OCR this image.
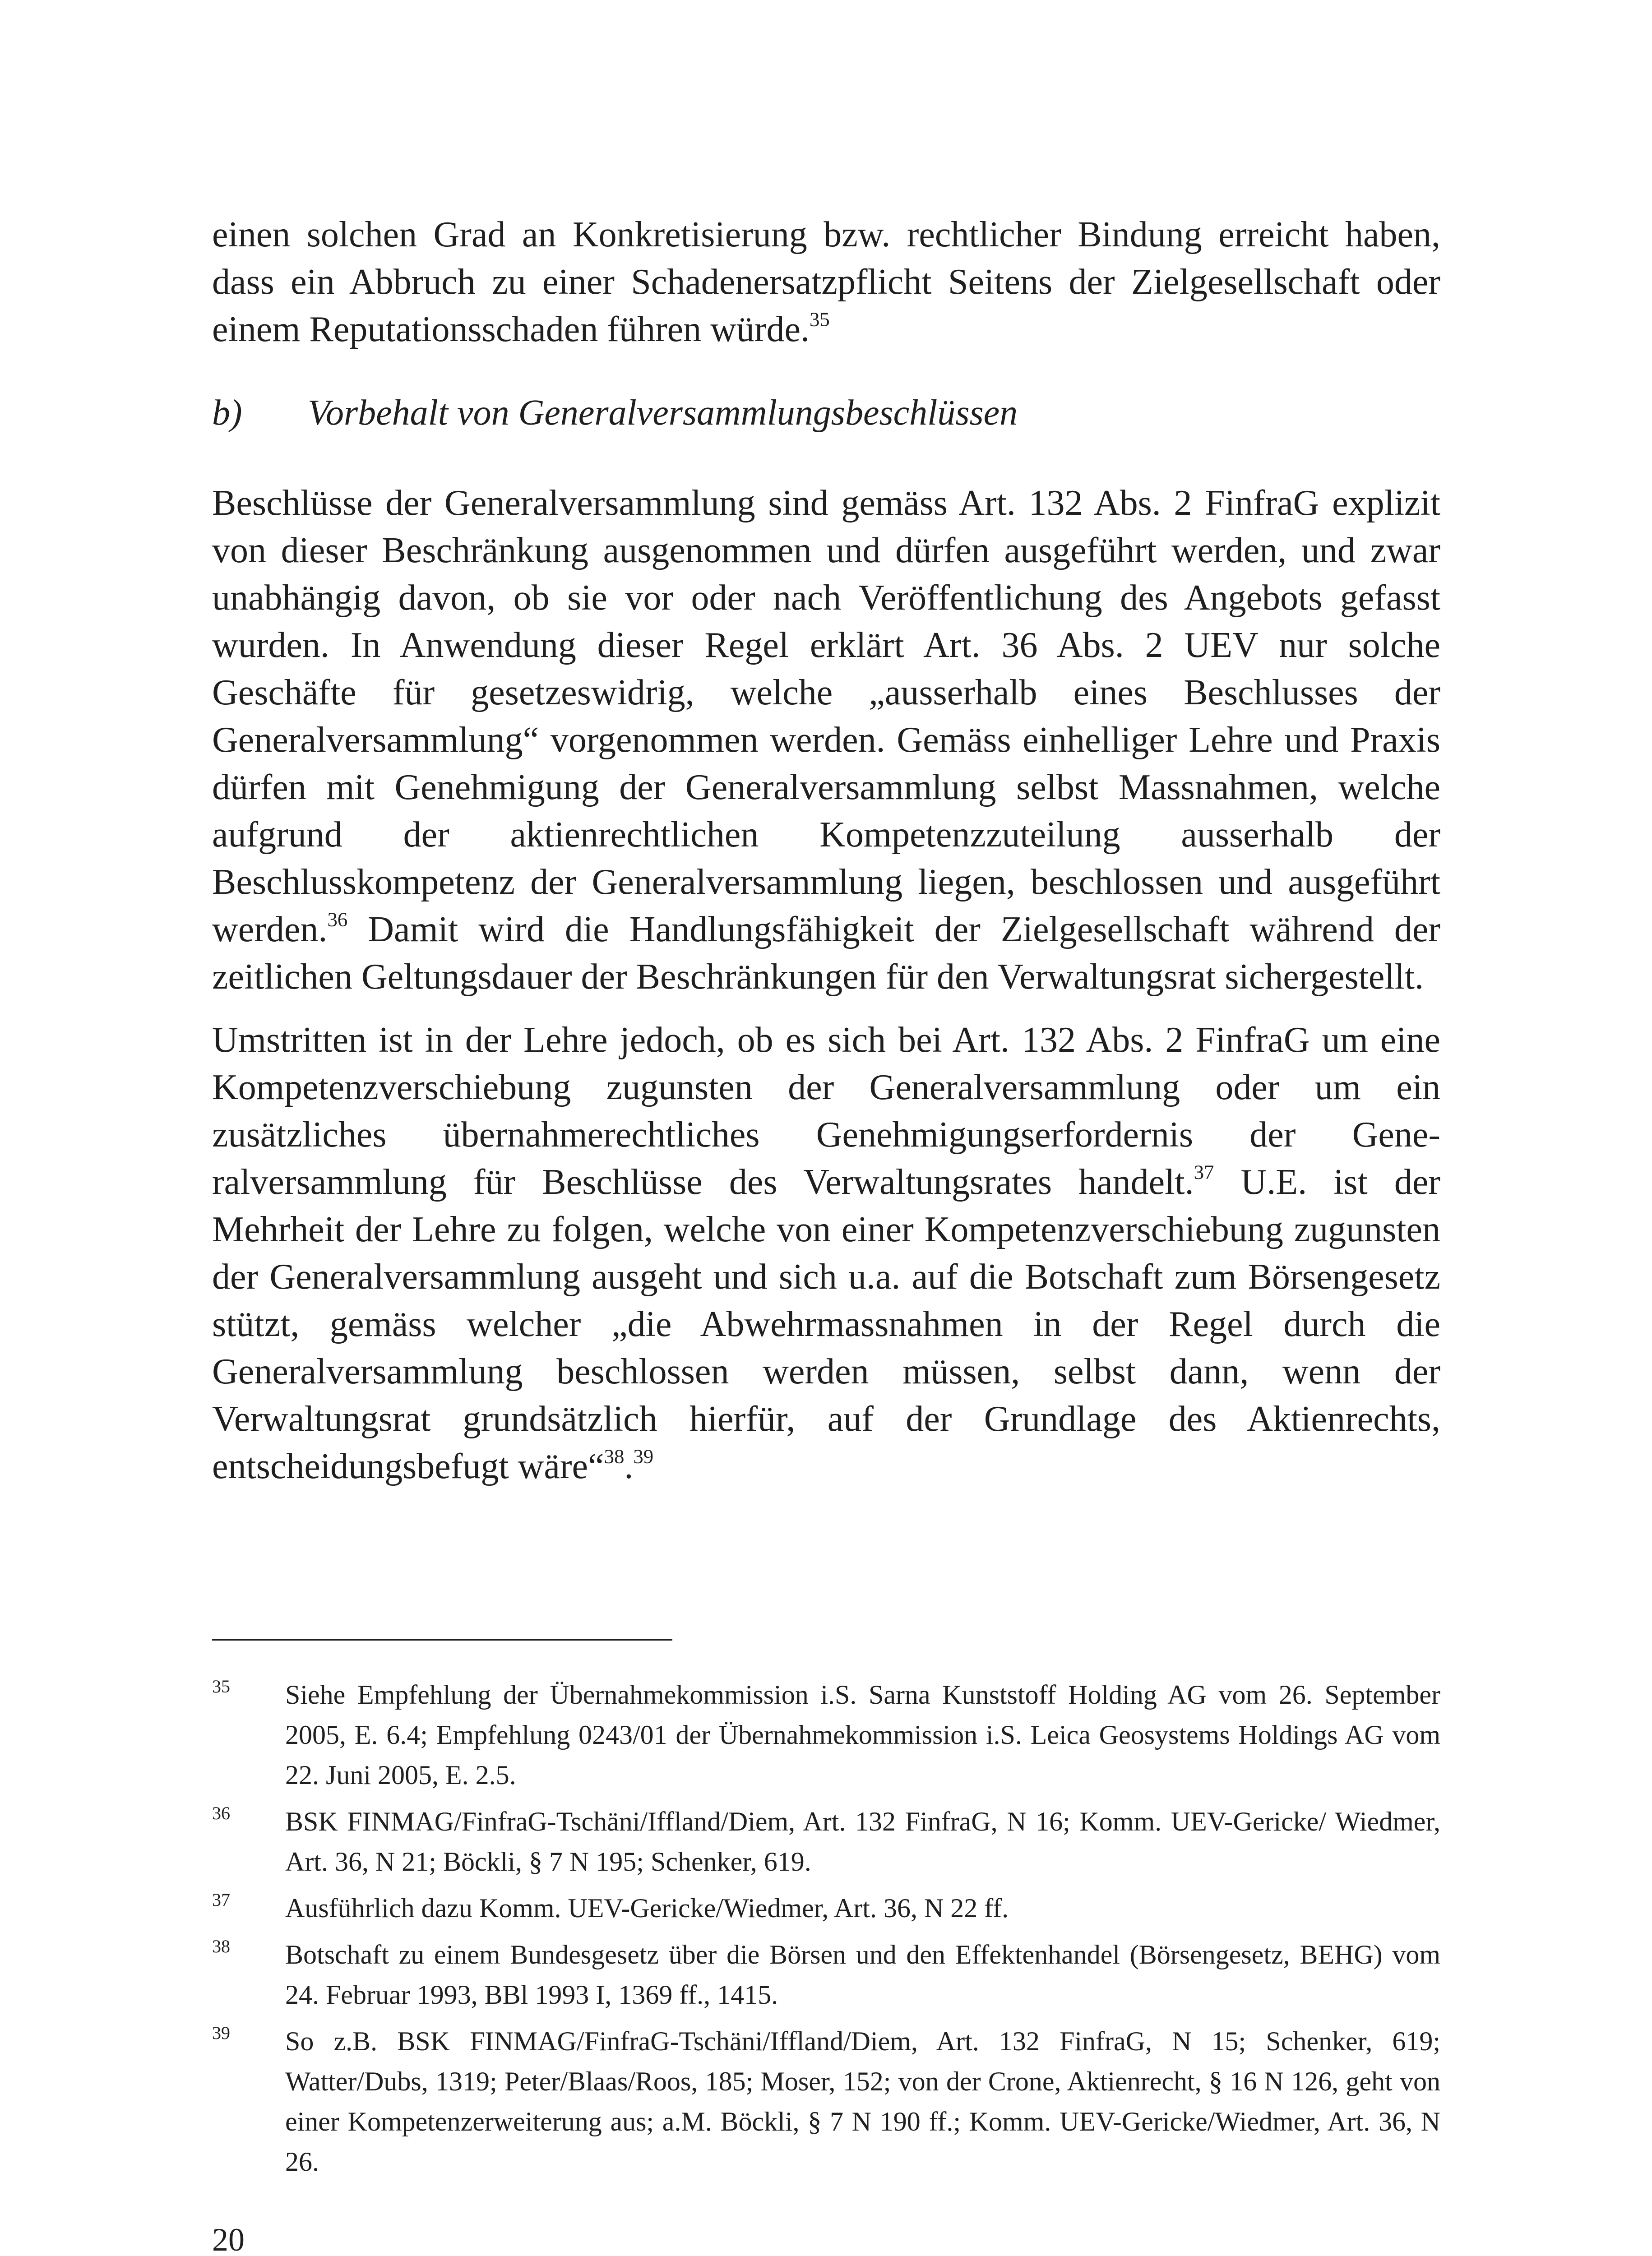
einen solchen Grad an Konkretisierung bzw. rechtlicher Bindung erreicht haben, dass ein Abbruch zu einer Schadenersatzpflicht Seitens der Zielgesellschaft oder einem Reputationsschaden führen würde.$^{35}$

b)	Vorbehalt von Generalversammlungsbeschlüssen

Beschlüsse der Generalversammlung sind gemäss Art. 132 Abs. 2 FinfraG explizit von dieser Beschränkung ausgenommen und dürfen ausgeführt werden, und zwar unabhängig davon, ob sie vor oder nach Veröffentlichung des Angebots gefasst wurden. In Anwendung dieser Regel erklärt Art. 36 Abs. 2 UEV nur solche Geschäfte für gesetzeswidrig, welche „ausserhalb eines Beschlusses der Generalversammlung“ vorgenommen werden. Gemäss einhelliger Lehre und Praxis dürfen mit Genehmigung der Generalversammlung selbst Massnahmen, welche aufgrund der aktienrechtlichen Kompetenzzuteilung ausserhalb der Beschlusskompetenz der Generalversammlung liegen, beschlossen und ausgeführt werden.$^{36}$ Damit wird die Handlungsfähigkeit der Zielgesellschaft während der zeitlichen Geltungsdauer der Beschränkungen für den Verwaltungsrat sichergestellt.

Umstritten ist in der Lehre jedoch, ob es sich bei Art. 132 Abs. 2 FinfraG um eine Kompetenzverschiebung zugunsten der Generalversammlung oder um ein zusätzliches übernahmerechtliches Genehmigungserfordernis der Generalversammlung für Beschlüsse des Verwaltungsrates handelt.$^{37}$ U.E. ist der Mehrheit der Lehre zu folgen, welche von einer Kompetenzverschiebung zugunsten der Generalversammlung ausgeht und sich u.a. auf die Botschaft zum Börsengesetz stützt, gemäss welcher „die Abwehrmassnahmen in der Regel durch die Generalversammlung beschlossen werden müssen, selbst dann, wenn der Verwaltungsrat grundsätzlich hierfür, auf der Grundlage des Aktienrechts, entscheidungsbefugt wäre“$^{38}$.$^{39}$

35	Siehe Empfehlung der Übernahmekommission i.S. Sarna Kunststoff Holding AG vom 26. September 2005, E. 6.4; Empfehlung 0243/01 der Übernahmekommission i.S. Leica Geosystems Holdings AG vom 22. Juni 2005, E. 2.5.

36	BSK FINMAG/FinfraG-Tschäni/Iffland/Diem, Art. 132 FinfraG, N 16; Komm. UEV-Gericke/ Wiedmer, Art. 36, N 21; Böckli, § 7 N 195; Schenker, 619.

37	Ausführlich dazu Komm. UEV-Gericke/Wiedmer, Art. 36, N 22 ff.

38	Botschaft zu einem Bundesgesetz über die Börsen und den Effektenhandel (Börsengesetz, BEHG) vom 24. Februar 1993, BBl 1993 I, 1369 ff., 1415.

39	So z.B. BSK FINMAG/FinfraG-Tschäni/Iffland/Diem, Art. 132 FinfraG, N 15; Schenker, 619; Watter/Dubs, 1319; Peter/Blaas/Roos, 185; Moser, 152; von der Crone, Aktienrecht, § 16 N 126, geht von einer Kompetenzerweiterung aus; a.M. Böckli, § 7 N 190 ff.; Komm. UEV-Gericke/Wiedmer, Art. 36, N 26.

20
